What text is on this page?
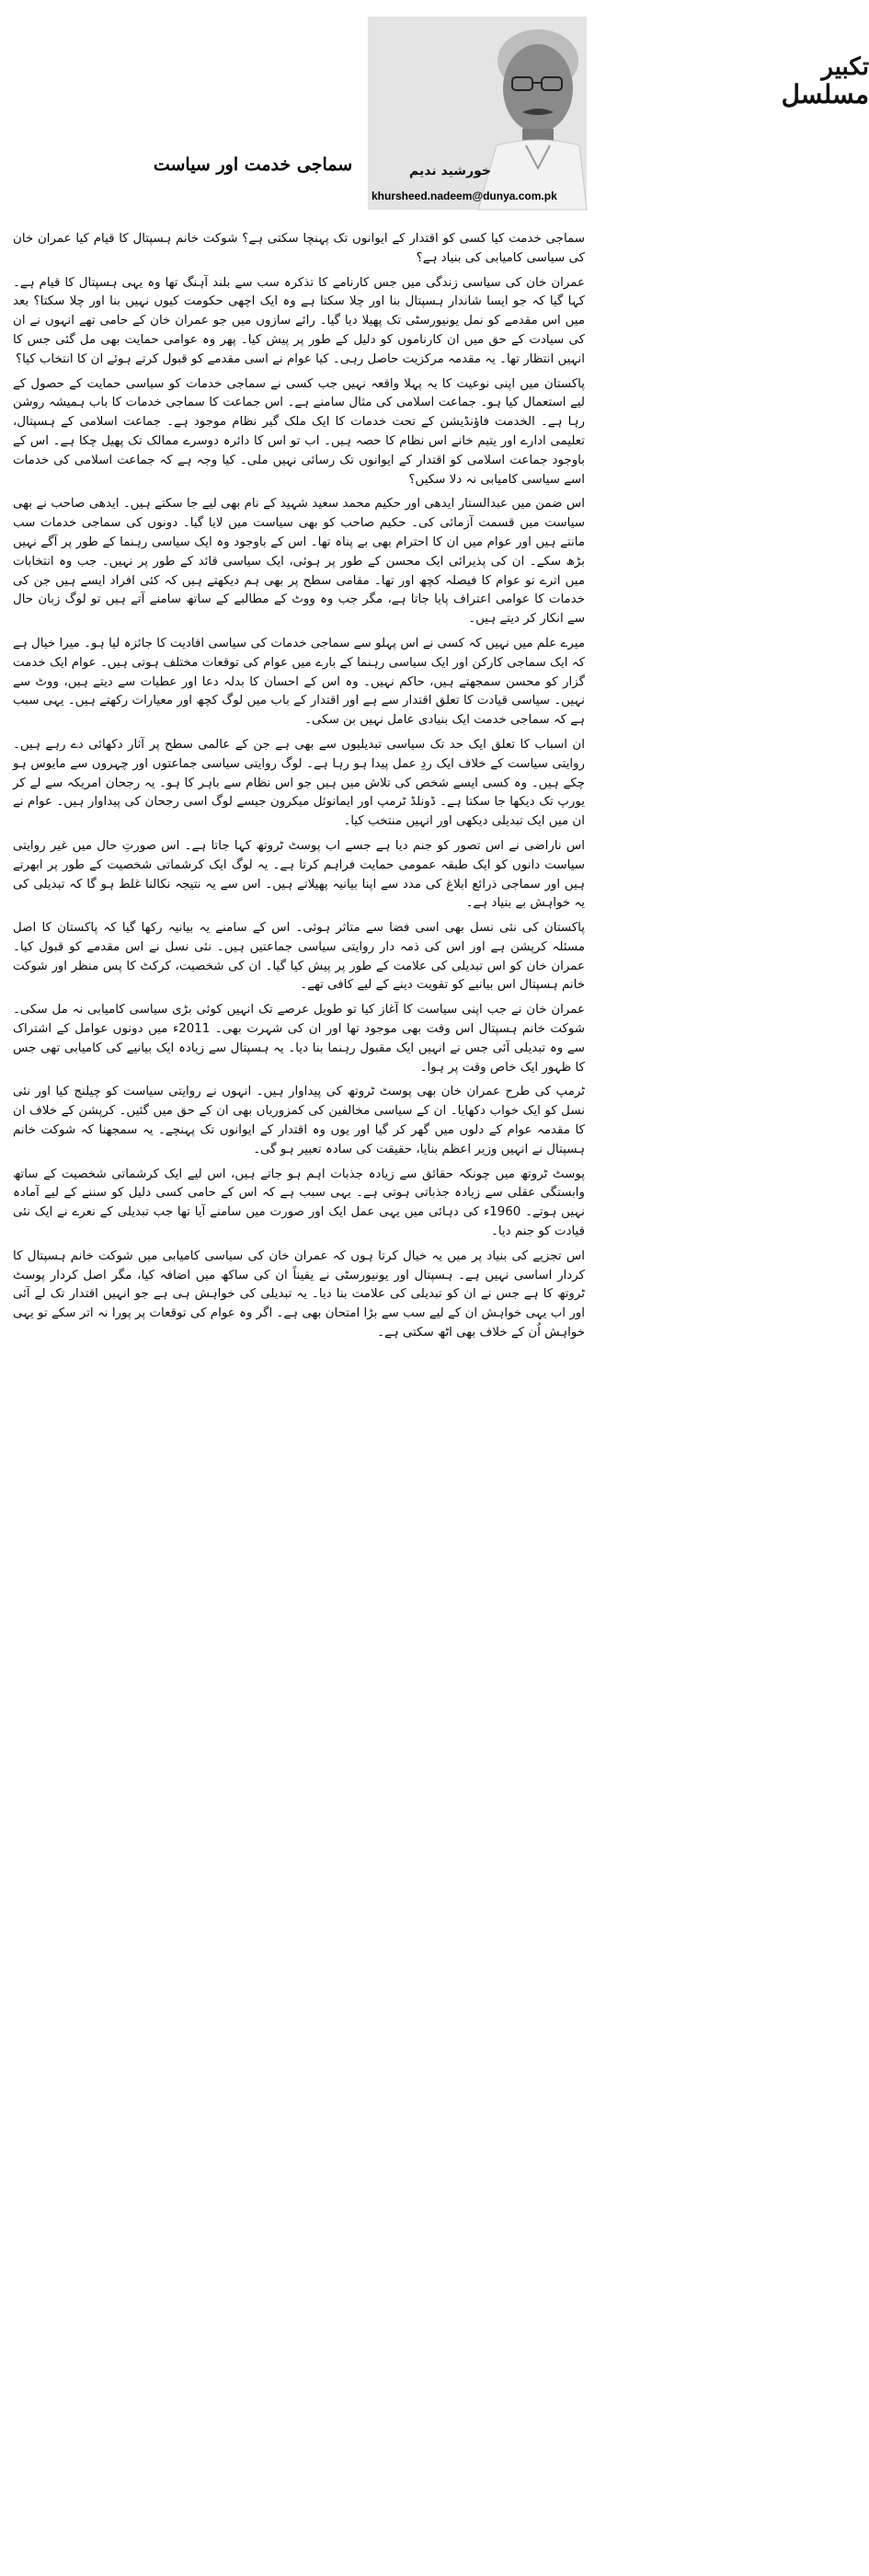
تکبیر
مسلسل
خورشید ندیم
khursheed.nadeem@dunya.com.pk
سماجی خدمت اور سیاست

سماجی خدمت کیا کسی کو اقتدار کے ایوانوں تک پہنچا سکتی ہے؟ شوکت خانم ہسپتال کا قیام کیا عمران خان کی سیاسی کامیابی کی بنیاد ہے؟

عمران خان کی سیاسی زندگی میں جس کارنامے کا تذکرہ سب سے بلند آہنگ تھا وہ یہی ہسپتال کا قیام ہے۔ کہا گیا کہ جو ایسا شاندار ہسپتال بنا اور چلا سکتا ہے وہ ایک اچھی حکومت کیوں نہیں بنا اور چلا سکتا؟ بعد میں اس مقدمے کو نمل یونیورسٹی تک پھیلا دیا گیا۔ رائے سازوں میں جو عمران خان کے حامی تھے انہوں نے ان کی سیادت کے حق میں ان کارناموں کو دلیل کے طور پر پیش کیا۔ پھر وہ عوامی حمایت بھی مل گئی جس کا انہیں انتظار تھا۔ یہ مقدمہ مرکزیت حاصل رہی۔ کیا عوام نے اسی مقدمے کو قبول کرتے ہوئے ان کا انتخاب کیا؟

پاکستان میں اپنی نوعیت کا یہ پہلا واقعہ نہیں جب کسی نے سماجی خدمات کو سیاسی حمایت کے حصول کے لیے استعمال کیا ہو۔ جماعت اسلامی کی مثال سامنے ہے۔ اس جماعت کا سماجی خدمات کا باب ہمیشہ روشن رہا ہے۔ الخدمت فاؤنڈیشن کے تحت خدمات کا ایک ملک گیر نظام موجود ہے۔ جماعت اسلامی کے ہسپتال، تعلیمی ادارے اور یتیم خانے اس نظام کا حصہ ہیں۔ اب تو اس کا دائرہ دوسرے ممالک تک پھیل چکا ہے۔ اس کے باوجود جماعت اسلامی کو اقتدار کے ایوانوں تک رسائی نہیں ملی۔ کیا وجہ ہے کہ جماعت اسلامی کی خدمات اسے سیاسی کامیابی نہ دلا سکیں؟

اس ضمن میں عبدالستار ایدھی اور حکیم محمد سعید شہید کے نام بھی لیے جا سکتے ہیں۔ ایدھی صاحب نے بھی سیاست میں قسمت آزمائی کی۔ حکیم صاحب کو بھی سیاست میں لایا گیا۔ دونوں کی سماجی خدمات سب مانتے ہیں اور عوام میں ان کا احترام بھی بے پناہ تھا۔ اس کے باوجود وہ ایک سیاسی رہنما کے طور پر آگے نہیں بڑھ سکے۔ ان کی پذیرائی ایک محسن کے طور پر ہوئی، ایک سیاسی قائد کے طور پر نہیں۔ جب وہ انتخابات میں اترے تو عوام کا فیصلہ کچھ اور تھا۔ مقامی سطح پر بھی ہم دیکھتے ہیں کہ کئی افراد ایسے ہیں جن کی خدمات کا عوامی اعتراف پایا جاتا ہے، مگر جب وہ ووٹ کے مطالبے کے ساتھ سامنے آتے ہیں تو لوگ زبان حال سے انکار کر دیتے ہیں۔

میرے علم میں نہیں کہ کسی نے اس پہلو سے سماجی خدمات کی سیاسی افادیت کا جائزہ لیا ہو۔ میرا خیال ہے کہ ایک سماجی کارکن اور ایک سیاسی رہنما کے بارے میں عوام کی توقعات مختلف ہوتی ہیں۔ عوام ایک خدمت گزار کو محسن سمجھتے ہیں، حاکم نہیں۔ وہ اس کے احسان کا بدلہ دعا اور عطیات سے دیتے ہیں، ووٹ سے نہیں۔ سیاسی قیادت کا تعلق اقتدار سے ہے اور اقتدار کے باب میں لوگ کچھ اور معیارات رکھتے ہیں۔ یہی سبب ہے کہ سماجی خدمت ایک بنیادی عامل نہیں بن سکی۔

ان اسباب کا تعلق ایک حد تک سیاسی تبدیلیوں سے بھی ہے جن کے عالمی سطح پر آثار دکھائی دے رہے ہیں۔ روایتی سیاست کے خلاف ایک ردِ عمل پیدا ہو رہا ہے۔ لوگ روایتی سیاسی جماعتوں اور چہروں سے مایوس ہو چکے ہیں۔ وہ کسی ایسے شخص کی تلاش میں ہیں جو اس نظام سے باہر کا ہو۔ یہ رجحان امریکہ سے لے کر یورپ تک دیکھا جا سکتا ہے۔ ڈونلڈ ٹرمپ اور ایمانوئل میکرون جیسے لوگ اسی رجحان کی پیداوار ہیں۔ عوام نے ان میں ایک تبدیلی دیکھی اور انہیں منتخب کیا۔

اس ناراضی نے اس تصور کو جنم دیا ہے جسے اب پوسٹ ٹروتھ کہا جاتا ہے۔ اس صورتِ حال میں غیر روایتی سیاست دانوں کو ایک طبقہ عمومی حمایت فراہم کرتا ہے۔ یہ لوگ ایک کرشماتی شخصیت کے طور پر ابھرتے ہیں اور سماجی ذرائع ابلاغ کی مدد سے اپنا بیانیہ پھیلاتے ہیں۔ اس سے یہ نتیجہ نکالنا غلط ہو گا کہ تبدیلی کی یہ خواہش بے بنیاد ہے۔

پاکستان کی نئی نسل بھی اسی فضا سے متاثر ہوئی۔ اس کے سامنے یہ بیانیہ رکھا گیا کہ پاکستان کا اصل مسئلہ کرپشن ہے اور اس کی ذمہ دار روایتی سیاسی جماعتیں ہیں۔ نئی نسل نے اس مقدمے کو قبول کیا۔ عمران خان کو اس تبدیلی کی علامت کے طور پر پیش کیا گیا۔ ان کی شخصیت، کرکٹ کا پس منظر اور شوکت خانم ہسپتال اس بیانیے کو تقویت دینے کے لیے کافی تھے۔

عمران خان نے جب اپنی سیاست کا آغاز کیا تو طویل عرصے تک انہیں کوئی بڑی سیاسی کامیابی نہ مل سکی۔ شوکت خانم ہسپتال اس وقت بھی موجود تھا اور ان کی شہرت بھی۔ 2011ء میں دونوں عوامل کے اشتراک سے وہ تبدیلی آئی جس نے انہیں ایک مقبول رہنما بنا دیا۔ یہ ہسپتال سے زیادہ ایک بیانیے کی کامیابی تھی جس کا ظہور ایک خاص وقت پر ہوا۔

ٹرمپ کی طرح عمران خان بھی پوسٹ ٹروتھ کی پیداوار ہیں۔ انہوں نے روایتی سیاست کو چیلنج کیا اور نئی نسل کو ایک خواب دکھایا۔ ان کے سیاسی مخالفین کی کمزوریاں بھی ان کے حق میں گئیں۔ کرپشن کے خلاف ان کا مقدمہ عوام کے دلوں میں گھر کر گیا اور یوں وہ اقتدار کے ایوانوں تک پہنچے۔ یہ سمجھنا کہ شوکت خانم ہسپتال نے انہیں وزیر اعظم بنایا، حقیقت کی سادہ تعبیر ہو گی۔

پوسٹ ٹروتھ میں چونکہ حقائق سے زیادہ جذبات اہم ہو جاتے ہیں، اس لیے ایک کرشماتی شخصیت کے ساتھ وابستگی عقلی سے زیادہ جذباتی ہوتی ہے۔ یہی سبب ہے کہ اس کے حامی کسی دلیل کو سننے کے لیے آمادہ نہیں ہوتے۔ 1960ء کی دہائی میں یہی عمل ایک اور صورت میں سامنے آیا تھا جب تبدیلی کے نعرے نے ایک نئی قیادت کو جنم دیا۔

اس تجزیے کی بنیاد پر میں یہ خیال کرتا ہوں کہ عمران خان کی سیاسی کامیابی میں شوکت خانم ہسپتال کا کردار اساسی نہیں ہے۔ ہسپتال اور یونیورسٹی نے یقیناً ان کی ساکھ میں اضافہ کیا، مگر اصل کردار پوسٹ ٹروتھ کا ہے جس نے ان کو تبدیلی کی علامت بنا دیا۔ یہ تبدیلی کی خواہش ہی ہے جو انہیں اقتدار تک لے آئی اور اب یہی خواہش ان کے لیے سب سے بڑا امتحان بھی ہے۔ اگر وہ عوام کی توقعات پر پورا نہ اتر سکے تو یہی خواہش اُن کے خلاف بھی اٹھ سکتی ہے۔
